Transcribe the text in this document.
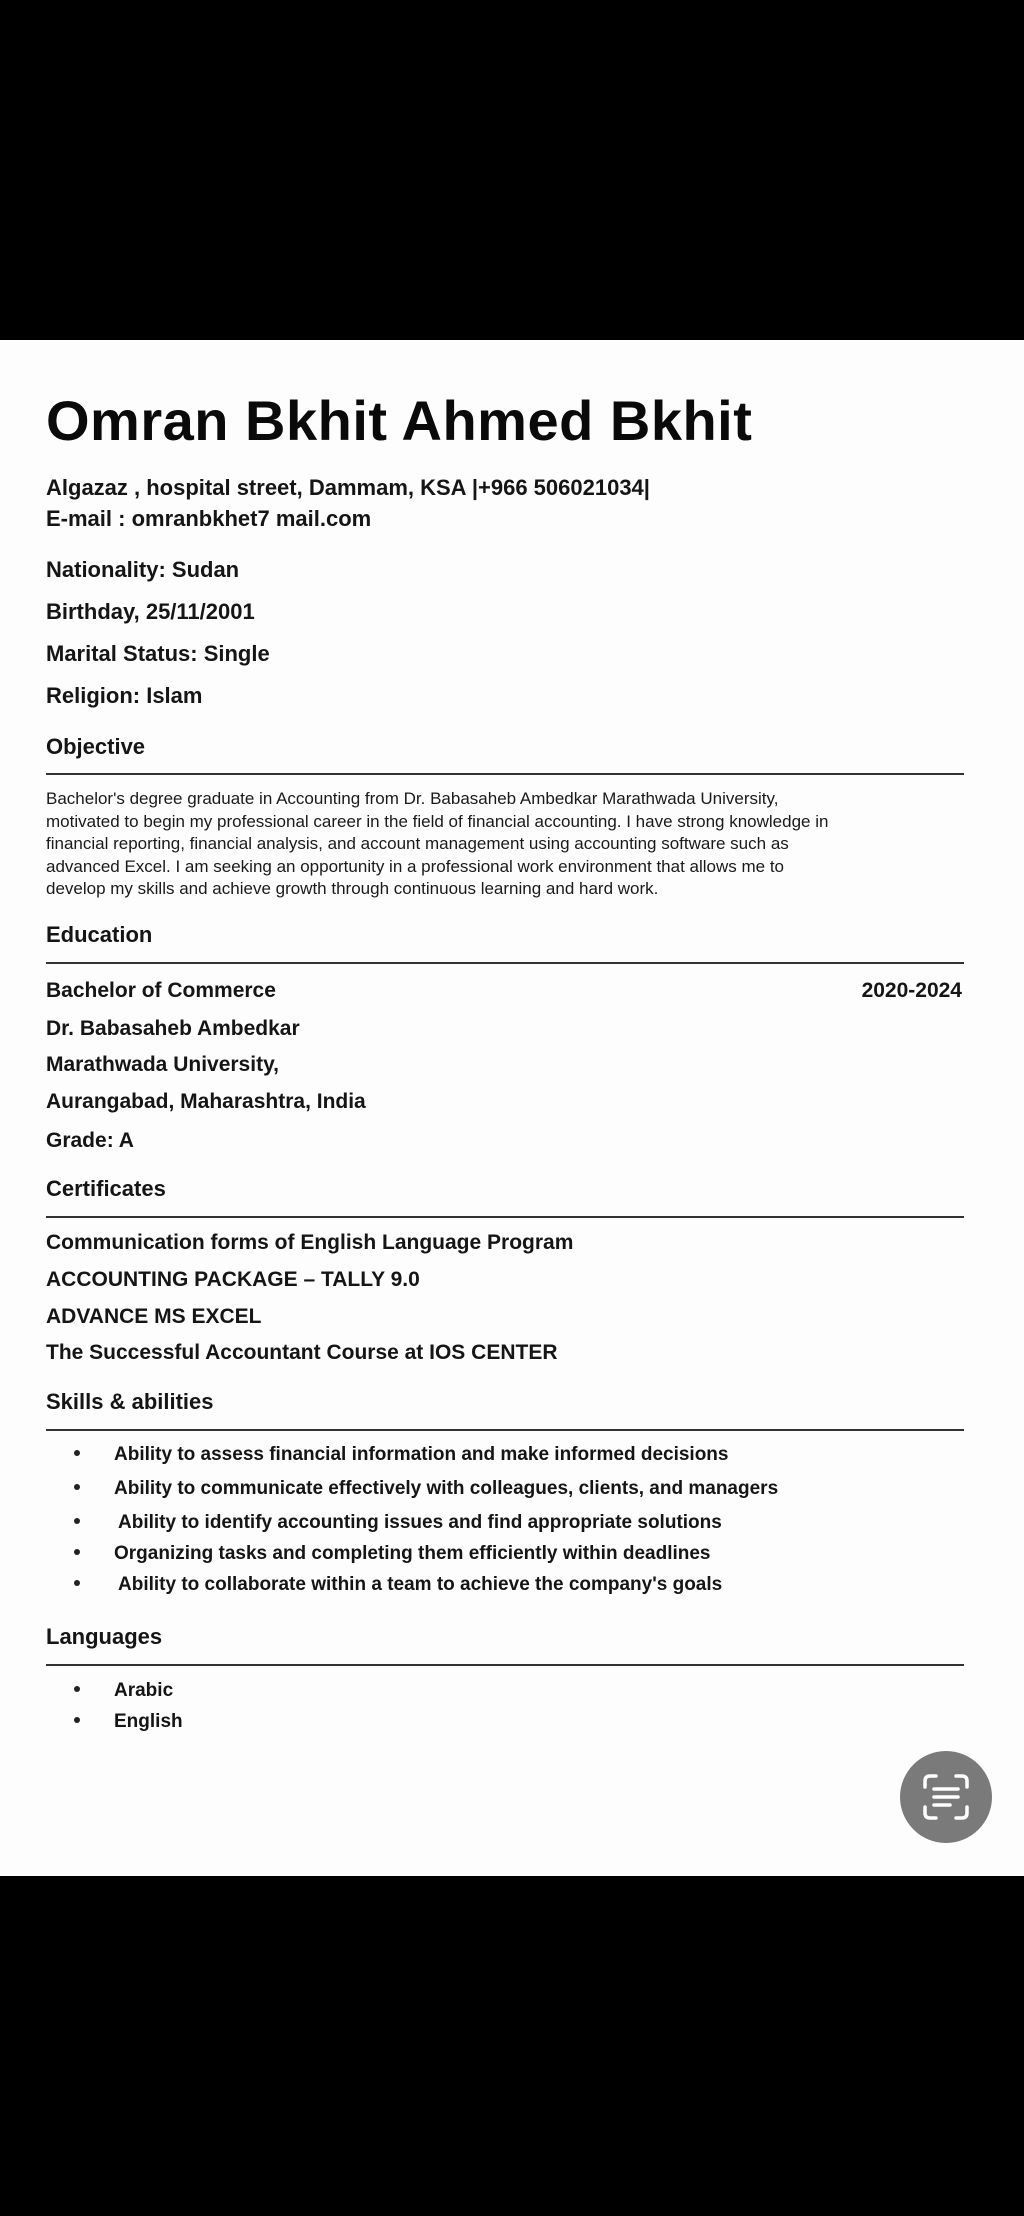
Omran Bkhit Ahmed Bkhit
Algazaz , hospital street, Dammam, KSA |+966 506021034|
E-mail : omranbkhet7 mail.com
Nationality: Sudan
Birthday, 25/11/2001
Marital Status: Single
Religion: Islam
Objective

Bachelor's degree graduate in Accounting from Dr. Babasaheb Ambedkar Marathwada University,

motivated to begin my professional career in the field of financial accounting. I have strong knowledge in

financial reporting, financial analysis, and account management using accounting software such as

advanced Excel. I am seeking an opportunity in a professional work environment that allows me to

develop my skills and achieve growth through continuous learning and hard work.

Education
Bachelor of Commerce	2020-2024
Dr. Babasaheb Ambedkar
Marathwada University,
Aurangabad, Maharashtra, India
Grade: A
Certificates
Communication forms of English Language Program
ACCOUNTING PACKAGE – TALLY 9.0
ADVANCE MS EXCEL
The Successful Accountant Course at IOS CENTER
Skills & abilities
Ability to assess financial information and make informed decisions
Ability to communicate effectively with colleagues, clients, and managers
Ability to identify accounting issues and find appropriate solutions
Organizing tasks and completing them efficiently within deadlines
Ability to collaborate within a team to achieve the company's goals
Languages
Arabic
English
